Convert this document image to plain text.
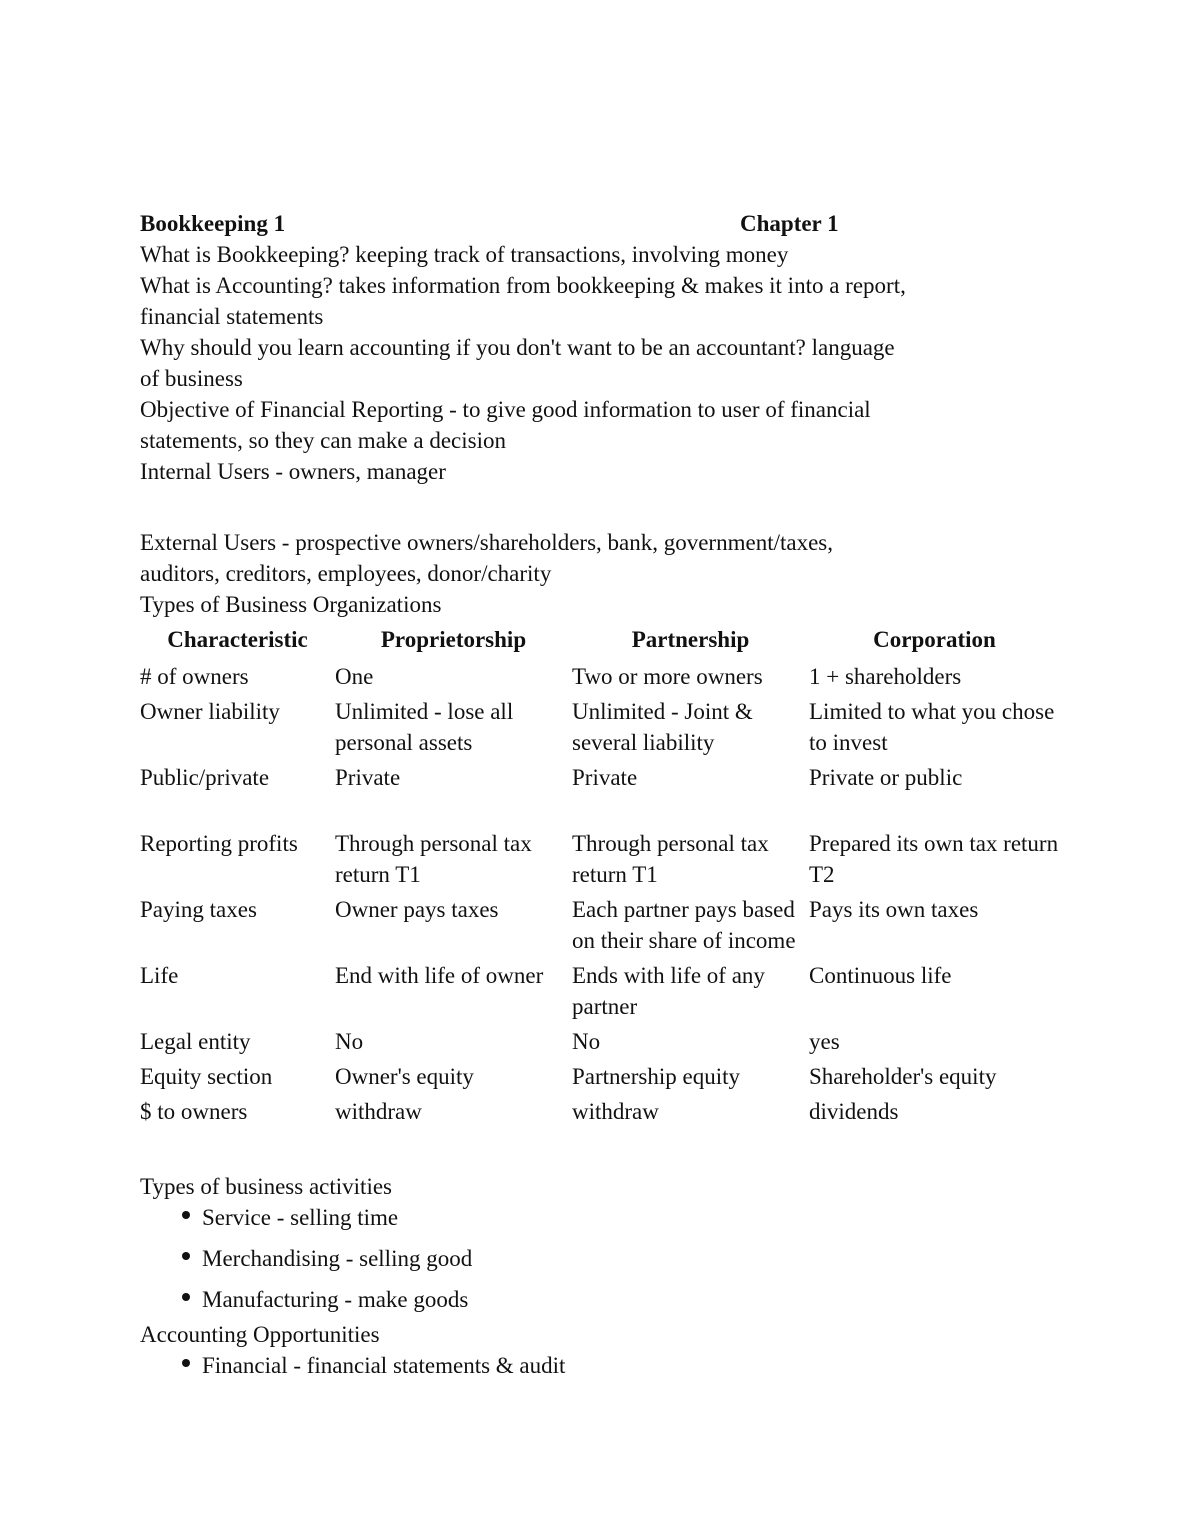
Bookkeeping 1	Chapter 1
What is Bookkeeping? keeping track of transactions, involving money
What is Accounting? takes information from bookkeeping & makes it into a report,
financial statements
Why should you learn accounting if you don't want to be an accountant? language
of business
Objective of Financial Reporting - to give good information to user of financial
statements, so they can make a decision
Internal Users - owners, manager
External Users - prospective owners/shareholders, bank, government/taxes,
auditors, creditors, employees, donor/charity
Types of Business Organizations
Characteristic	Proprietorship	Partnership	Corporation
# of owners	One	Two or more owners	1 + shareholders
Owner liability	Unlimited - lose all personal assets	Unlimited - Joint & several liability	Limited to what you chose to invest
Public/private	Private	Private	Private or public
Reporting profits	Through personal tax return T1	Through personal tax return T1	Prepared its own tax return T2
Paying taxes	Owner pays taxes	Each partner pays based on their share of income	Pays its own taxes
Life	End with life of owner	Ends with life of any partner	Continuous life
Legal entity	No	No	yes
Equity section	Owner's equity	Partnership equity	Shareholder's equity
$ to owners	withdraw	withdraw	dividends
Types of business activities
Service - selling time
Merchandising - selling good
Manufacturing - make goods
Accounting Opportunities
Financial - financial statements & audit
